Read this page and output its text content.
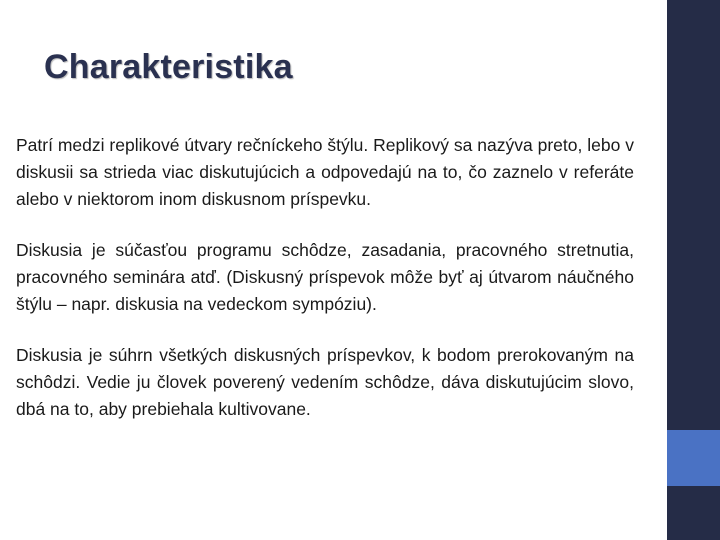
Charakteristika

Patrí medzi replikové útvary rečníckeho štýlu. Replikový sa nazýva preto, lebo v diskusii sa strieda viac diskutujúcich a odpovedajú na to, čo zaznelo v referáte alebo v niektorom inom diskusnom príspevku.

Diskusia je súčasťou programu schôdze, zasadania, pracovného stretnutia, pracovného seminára atď. (Diskusný príspevok môže byť aj útvarom náučného štýlu – napr. diskusia na vedeckom sympóziu).

Diskusia je súhrn všetkých diskusných príspevkov, k bodom prerokovaným na schôdzi. Vedie ju človek poverený vedením schôdze, dáva diskutujúcim slovo, dbá na to, aby prebiehala kultivovane.
